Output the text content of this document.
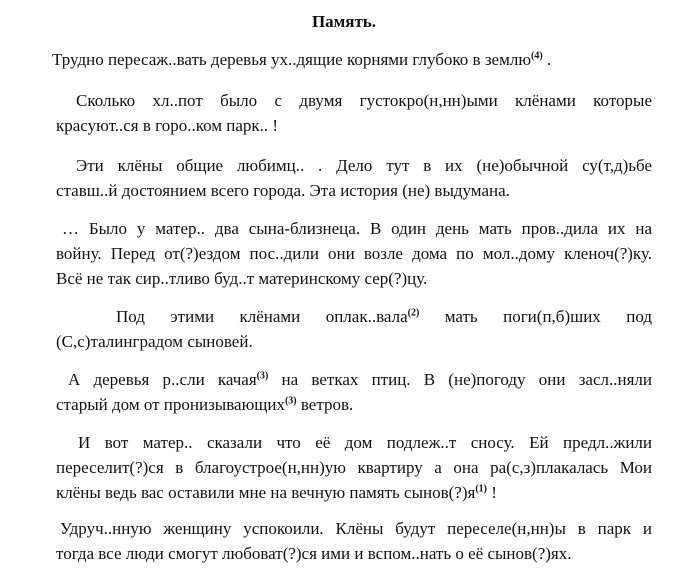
Память.
Трудно пересаж..вать деревья ух..дящие корнями глубоко в землю$^{(4)}$ .
Сколько хл..пот было с двумя густокро(н,нн)ыми клёнами которые
красуют..ся в горо..ком парк.. !
Эти клёны общие любимц.. . Дело тут в их (не)обычной су(т,д)ьбе
ставш..й достоянием всего города. Эта история (не) выдумана.
… Было у матер.. два сына-близнеца. В один день мать пров..дила их на
войну. Перед от(?)ездом пос..дили они возле дома по мол..дому кленоч(?)ку.
Всё не так сир..тливо буд..т материнскому сер(?)цу.
Под этими клёнами оплак..вала$^{(2)}$ мать поги(п,б)ших под
(С,с)талинградом сыновей.
А деревья р..сли качая$^{(3)}$ на ветках птиц. В (не)погоду они засл..няли
старый дом от пронизывающих$^{(3)}$ ветров.
И вот матер.. сказали что её дом подлеж..т сносу. Ей предл..жили
переселит(?)ся в благоустрое(н,нн)ую квартиру а она ра(с,з)плакалась Мои
клёны ведь вас оставили мне на вечную память $сынов(?)я^{(1)}$ !
Удруч..нную женщину успокоили. Клёны будут переселе(н,нн)ы в парк и
тогда все люди смогут любоват(?)ся ими и вспом..нать о её сынов(?)ях.
